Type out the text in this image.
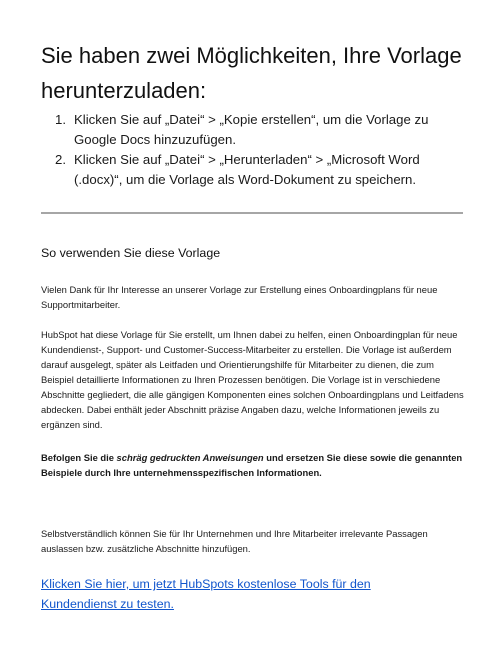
Sie haben zwei Möglichkeiten, Ihre Vorlage herunterzuladen:
1. Klicken Sie auf „Datei“ > „Kopie erstellen“, um die Vorlage zu Google Docs hinzuzufügen.
2. Klicken Sie auf „Datei“ > „Herunterladen“ > „Microsoft Word (.docx)“, um die Vorlage als Word-Dokument zu speichern.
So verwenden Sie diese Vorlage

Vielen Dank für Ihr Interesse an unserer Vorlage zur Erstellung eines Onboardingplans für neue Supportmitarbeiter.

HubSpot hat diese Vorlage für Sie erstellt, um Ihnen dabei zu helfen, einen Onboardingplan für neue Kundendienst-, Support- und Customer-Success-Mitarbeiter zu erstellen. Die Vorlage ist außerdem darauf ausgelegt, später als Leitfaden und Orientierungshilfe für Mitarbeiter zu dienen, die zum Beispiel detaillierte Informationen zu Ihren Prozessen benötigen. Die Vorlage ist in verschiedene Abschnitte gegliedert, die alle gängigen Komponenten eines solchen Onboardingplans und Leitfadens abdecken. Dabei enthält jeder Abschnitt präzise Angaben dazu, welche Informationen jeweils zu ergänzen sind.

Befolgen Sie die schräg gedruckten Anweisungen und ersetzen Sie diese sowie die genannten Beispiele durch Ihre unternehmensspezifischen Informationen.

Selbstverständlich können Sie für Ihr Unternehmen und Ihre Mitarbeiter irrelevante Passagen auslassen bzw. zusätzliche Abschnitte hinzufügen.

Klicken Sie hier, um jetzt HubSpots kostenlose Tools für den Kundendienst zu testen.
